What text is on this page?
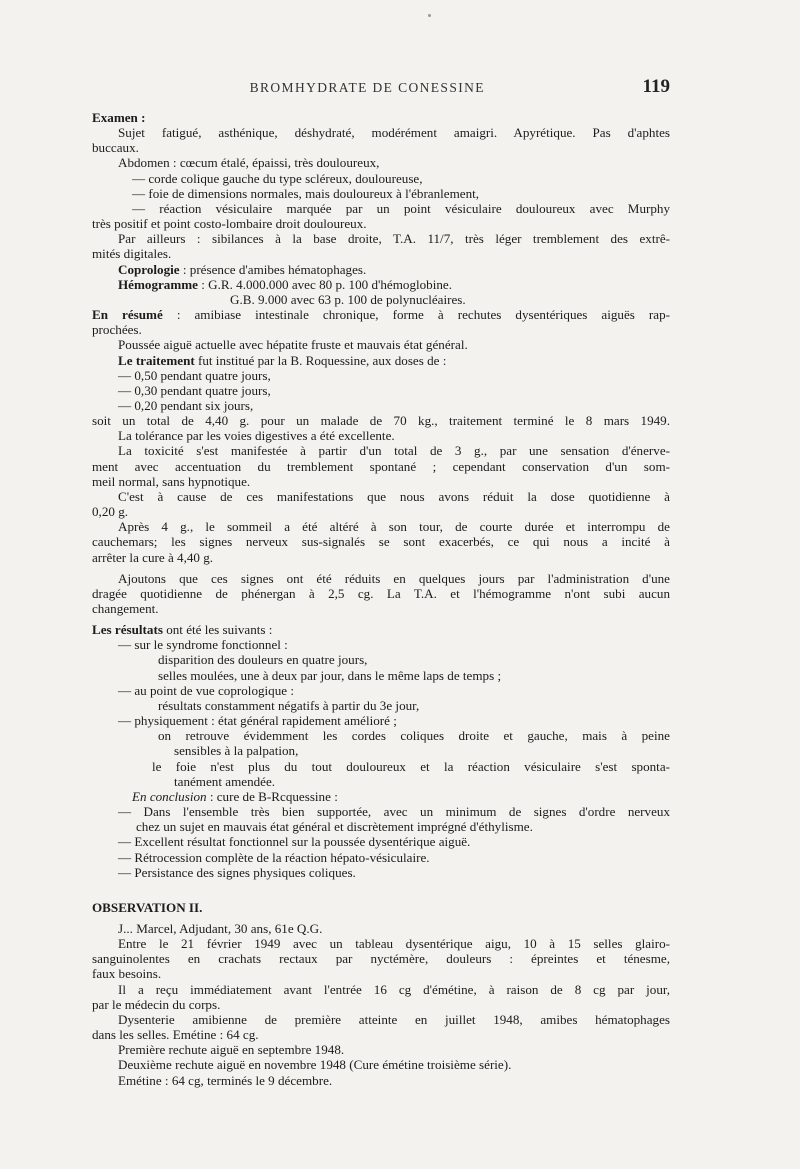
BROMHYDRATE DE CONESSINE	119
Examen :
Sujet fatigué, asthénique, déshydraté, modérément amaigri. Apyrétique. Pas d'aphtes
buccaux.
Abdomen : cœcum étalé, épaissi, très douloureux,
— corde colique gauche du type scléreux, douloureuse,
— foie de dimensions normales, mais douloureux à l'ébranlement,
— réaction vésiculaire marquée par un point vésiculaire douloureux avec Murphy
très positif et point costo-lombaire droit douloureux.
Par ailleurs : sibilances à la base droite, T.A. 11/7, très léger tremblement des extrê-
mités digitales.
Coprologie : présence d'amibes hématophages.
Hémogramme : G.R. 4.000.000 avec 80 p. 100 d'hémoglobine.
G.B. 9.000 avec 63 p. 100 de polynucléaires.
En résumé : amibiase intestinale chronique, forme à rechutes dysentériques aiguës rap-
prochées.
Poussée aiguë actuelle avec hépatite fruste et mauvais état général.
Le traitement fut institué par la B. Roquessine, aux doses de :
— 0,50 pendant quatre jours,
— 0,30 pendant quatre jours,
— 0,20 pendant six jours,
soit un total de 4,40 g. pour un malade de 70 kg., traitement terminé le 8 mars 1949.
La tolérance par les voies digestives a été excellente.
La toxicité s'est manifestée à partir d'un total de 3 g., par une sensation d'énerve-
ment avec accentuation du tremblement spontané ; cependant conservation d'un som-
meil normal, sans hypnotique.
C'est à cause de ces manifestations que nous avons réduit la dose quotidienne à
0,20 g.
Après 4 g., le sommeil a été altéré à son tour, de courte durée et interrompu de
cauchemars; les signes nerveux sus-signalés se sont exacerbés, ce qui nous a incité à
arrêter la cure à 4,40 g.
Ajoutons que ces signes ont été réduits en quelques jours par l'administration d'une
dragée quotidienne de phénergan à 2,5 cg. La T.A. et l'hémogramme n'ont subi aucun
changement.
Les résultats ont été les suivants :
— sur le syndrome fonctionnel :
disparition des douleurs en quatre jours,
selles moulées, une à deux par jour, dans le même laps de temps ;
— au point de vue coprologique :
résultats constamment négatifs à partir du 3e jour,
— physiquement : état général rapidement amélioré ;
on retrouve évidemment les cordes coliques droite et gauche, mais à peine
sensibles à la palpation,
le foie n'est plus du tout douloureux et la réaction vésiculaire s'est sponta-
tanément amendée.
En conclusion : cure de B-Rcquessine :
— Dans l'ensemble très bien supportée, avec un minimum de signes d'ordre nerveux
chez un sujet en mauvais état général et discrètement imprégné d'éthylisme.
— Excellent résultat fonctionnel sur la poussée dysentérique aiguë.
— Rétrocession complète de la réaction hépato-vésiculaire.
— Persistance des signes physiques coliques.
OBSERVATION II.
J... Marcel, Adjudant, 30 ans, 61e Q.G.
Entre le 21 février 1949 avec un tableau dysentérique aigu, 10 à 15 selles glairo-
sanguinolentes en crachats rectaux par nyctémère, douleurs : épreintes et ténesme,
faux besoins.
Il a reçu immédiatement avant l'entrée 16 cg d'émétine, à raison de 8 cg par jour,
par le médecin du corps.
Dysenterie amibienne de première atteinte en juillet 1948, amibes hématophages
dans les selles. Emétine : 64 cg.
Première rechute aiguë en septembre 1948.
Deuxième rechute aiguë en novembre 1948 (Cure émétine troisième série).
Emétine : 64 cg, terminés le 9 décembre.
